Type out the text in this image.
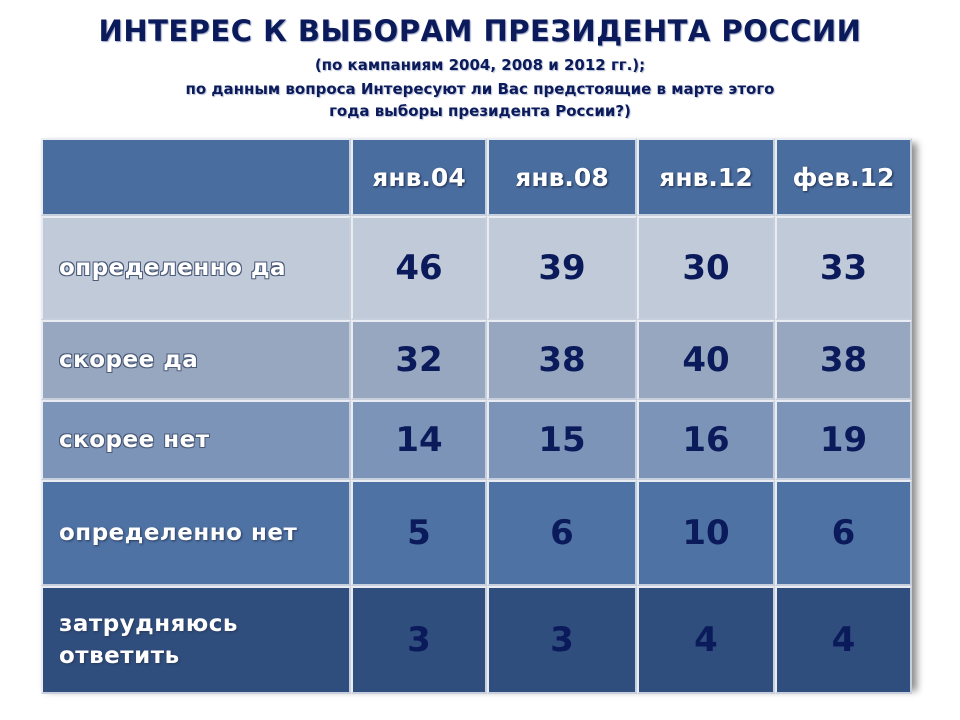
ИНТЕРЕС К ВЫБОРАМ ПРЕЗИДЕНТА РОССИИ
(по кампаниям 2004, 2008 и 2012 гг.);
по данным вопроса Интересуют ли Вас предстоящие в марте этого
года выборы президента России?)
	янв.04	янв.08	янв.12	фев.12
определенно да	46	39	30	33
скорее да	32	38	40	38
скорее нет	14	15	16	19
определенно нет	5	6	10	6

затрудняюсь
ответить	3	3	4	4
